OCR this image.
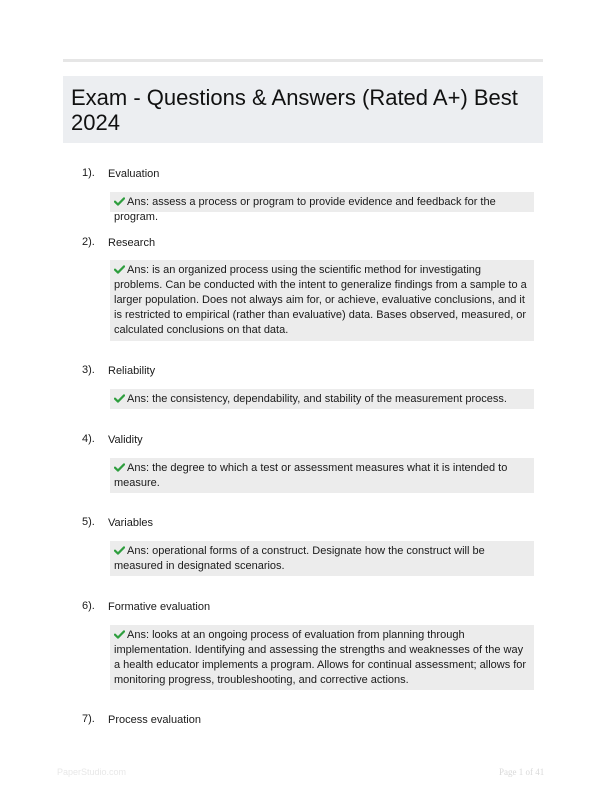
Exam - Questions & Answers (Rated A+) Best 2024
1). Evaluation
Ans: assess a process or program to provide evidence and feedback for the program.
2). Research
Ans: is an organized process using the scientific method for investigating problems. Can be conducted with the intent to generalize findings from a sample to a larger population. Does not always aim for, or achieve, evaluative conclusions, and it is restricted to empirical (rather than evaluative) data. Bases observed, measured, or calculated conclusions on that data.
3). Reliability
Ans: the consistency, dependability, and stability of the measurement process.
4). Validity
Ans: the degree to which a test or assessment measures what it is intended to measure.
5). Variables
Ans: operational forms of a construct. Designate how the construct will be measured in designated scenarios.
6). Formative evaluation
Ans: looks at an ongoing process of evaluation from planning through implementation. Identifying and assessing the strengths and weaknesses of the way a health educator implements a program. Allows for continual assessment; allows for monitoring progress, troubleshooting, and corrective actions.
7). Process evaluation
PaperStudio.com	Page 1 of 41
